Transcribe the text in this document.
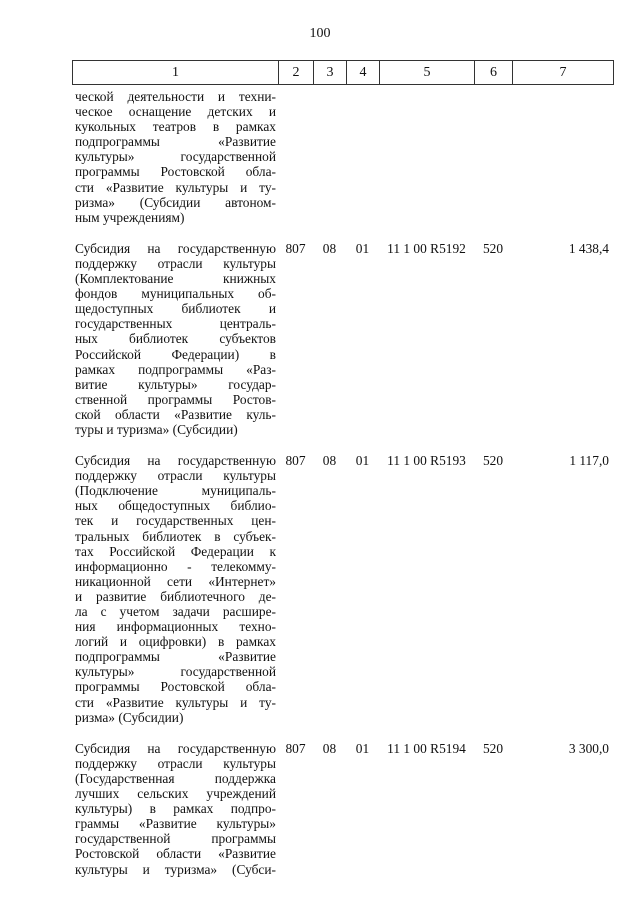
100
1	2	3	4	5	6	7
ческой деятельности и техни-
ческое оснащение детских и
кукольных театров в рамках
подпрограммы «Развитие
культуры» государственной
программы Ростовской обла-
сти «Развитие культуры и ту-
ризма» (Субсидии автоном-
ным учреждениям)
Субсидия на государственную
поддержку отрасли культуры
(Комплектование книжных
фондов муниципальных об-
щедоступных библиотек и
государственных централь-
ных библиотек субъектов
Российской Федерации) в
рамках подпрограммы «Раз-
витие культуры» государ-
ственной программы Ростов-
ской области «Развитие куль-
туры и туризма» (Субсидии)
807	08	01	11 1 00 R5192	520	1 438,4
Субсидия на государственную
поддержку отрасли культуры
(Подключение муниципаль-
ных общедоступных библио-
тек и государственных цен-
тральных библиотек в субъек-
тах Российской Федерации к
информационно - телекомму-
никационной сети «Интернет»
и развитие библиотечного де-
ла с учетом задачи расшире-
ния информационных техно-
логий и оцифровки) в рамках
подпрограммы «Развитие
культуры» государственной
программы Ростовской обла-
сти «Развитие культуры и ту-
ризма» (Субсидии)
807	08	01	11 1 00 R5193	520	1 117,0
Субсидия на государственную
поддержку отрасли культуры
(Государственная поддержка
лучших сельских учреждений
культуры) в рамках подпро-
граммы «Развитие культуры»
государственной программы
Ростовской области «Развитие
культуры и туризма» (Субси-
807	08	01	11 1 00 R5194	520	3 300,0
